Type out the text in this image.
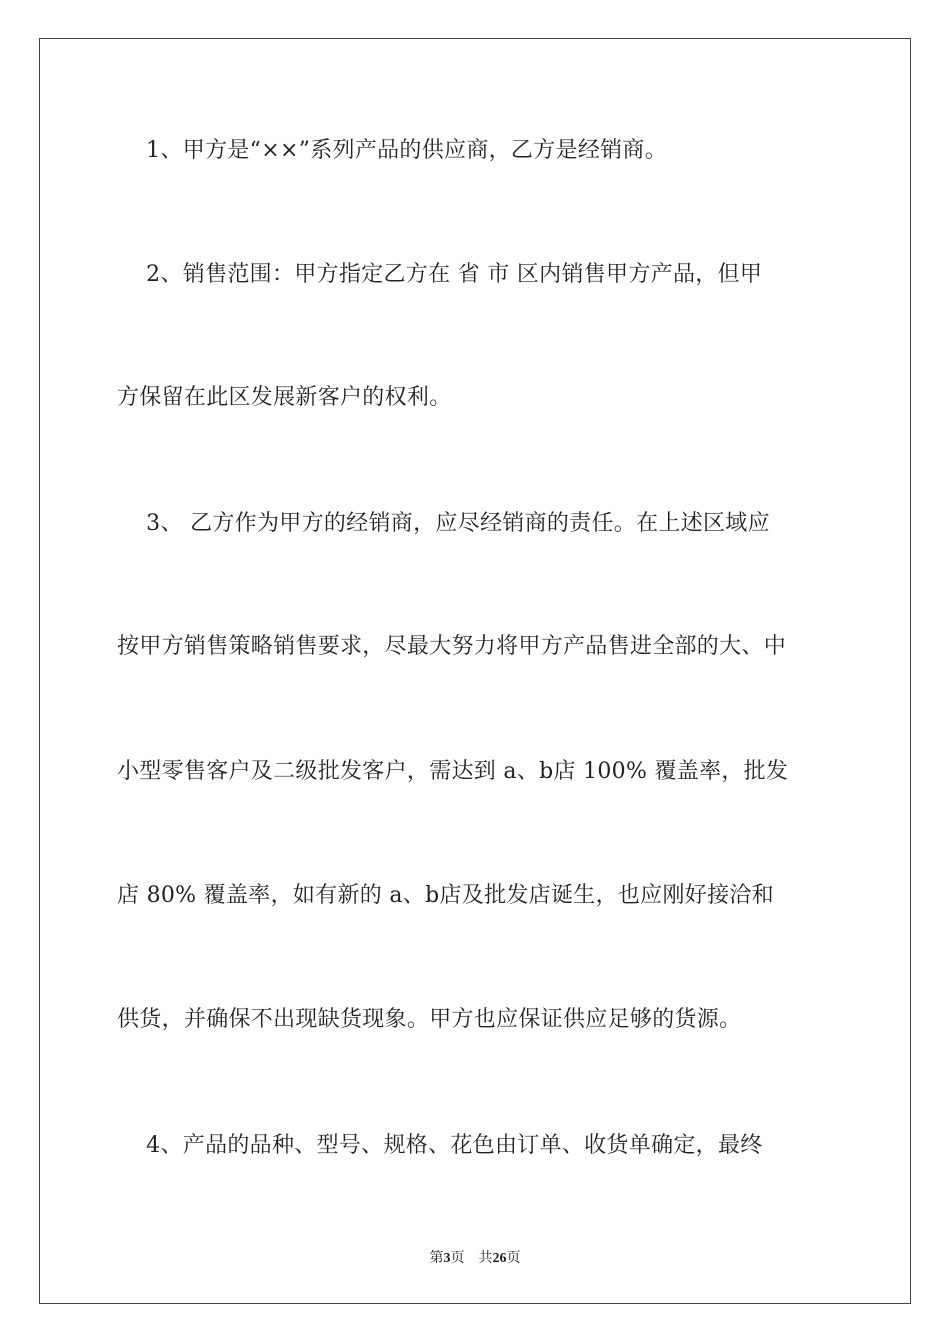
1、甲方是“××”系列产品的供应商，乙方是经销商。
2、销售范围：甲方指定乙方在 省 市 区内销售甲方产品，但甲
方保留在此区发展新客户的权利。
3、 乙方作为甲方的经销商，应尽经销商的责任。在上述区域应
按甲方销售策略销售要求，尽最大努力将甲方产品售进全部的大、中
小型零售客户及二级批发客户，需达到 a、b店 100% 覆盖率，批发
店 80% 覆盖率，如有新的 a、b店及批发店诞生，也应刚好接洽和
供货，并确保不出现缺货现象。甲方也应保证供应足够的货源。
4、产品的品种、型号、规格、花色由订单、收货单确定，最终
第3页 共26页
